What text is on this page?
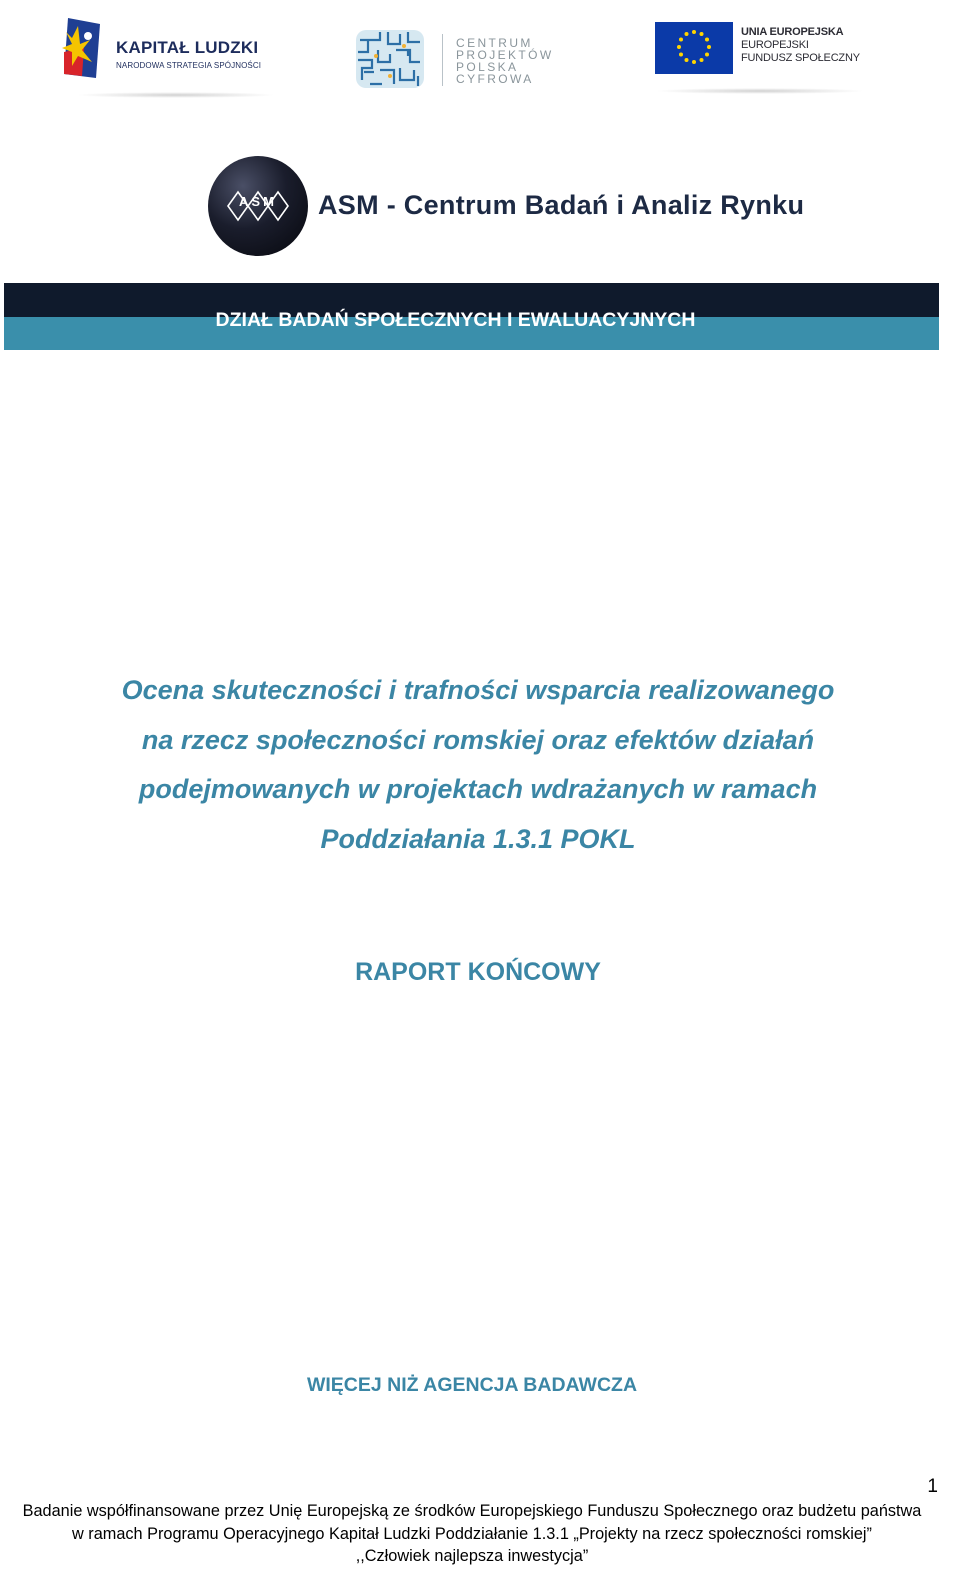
KAPITAŁ LUDZKI
NARODOWA STRATEGIA SPÓJNOŚCI
CENTRUM
PROJEKTÓW
POLSKA
CYFROWA
UNIA EUROPEJSKA
EUROPEJSKI
FUNDUSZ SPOŁECZNY
ASM	ASM - Centrum Badań i Analiz Rynku
DZIAŁ BADAŃ SPOŁECZNYCH I EWALUACYJNYCH
Ocena skuteczności i trafności wsparcia realizowanego
na rzecz społeczności romskiej oraz efektów działań
podejmowanych w projektach wdrażanych w ramach
Poddziałania 1.3.1 POKL
RAPORT KOŃCOWY
WIĘCEJ NIŻ AGENCJA BADAWCZA
1
Badanie współfinansowane przez Unię Europejską ze środków Europejskiego Funduszu Społecznego oraz budżetu państwa
w ramach Programu Operacyjnego Kapitał Ludzki Poddziałanie 1.3.1 „Projekty na rzecz społeczności romskiej”
,,Człowiek najlepsza inwestycja”
